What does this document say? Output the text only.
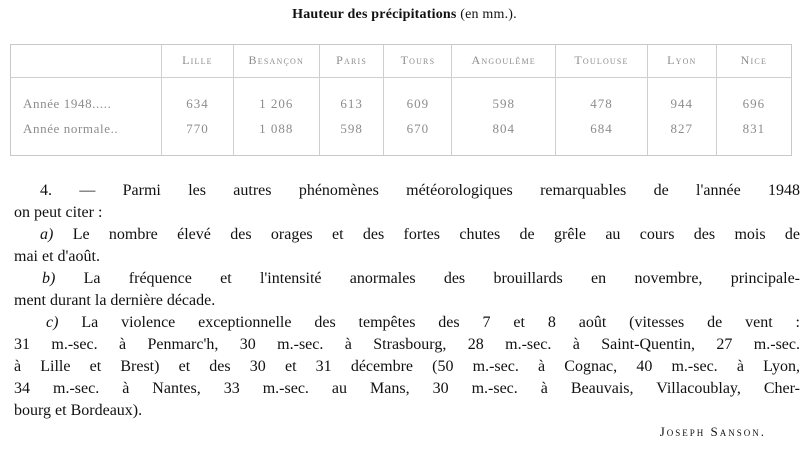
Hauteur des précipitations (en mm.).
	Lille	Besançon	Paris	Tours	Angoulême	Toulouse	Lyon	Nice
Année 1948.....	634	1 206	613	609	598	478	944	696
Année normale..	770	1 088	598	670	804	684	827	831
4. — Parmi les autres phénomènes météorologiques remarquables de l'année 1948
on peut citer :
a) Le nombre élevé des orages et des fortes chutes de grêle au cours des mois de
mai et d'août.
b) La fréquence et l'intensité anormales des brouillards en novembre, principale-
ment durant la dernière décade.
c) La violence exceptionnelle des tempêtes des 7 et 8 août (vitesses de vent :
31 m.-sec. à Penmarc'h, 30 m.-sec. à Strasbourg, 28 m.-sec. à Saint-Quentin, 27 m.-sec.
à Lille et Brest) et des 30 et 31 décembre (50 m.-sec. à Cognac, 40 m.-sec. à Lyon,
34 m.-sec. à Nantes, 33 m.-sec. au Mans, 30 m.-sec. à Beauvais, Villacoublay, Cher-
bourg et Bordeaux).
Joseph Sanson.
